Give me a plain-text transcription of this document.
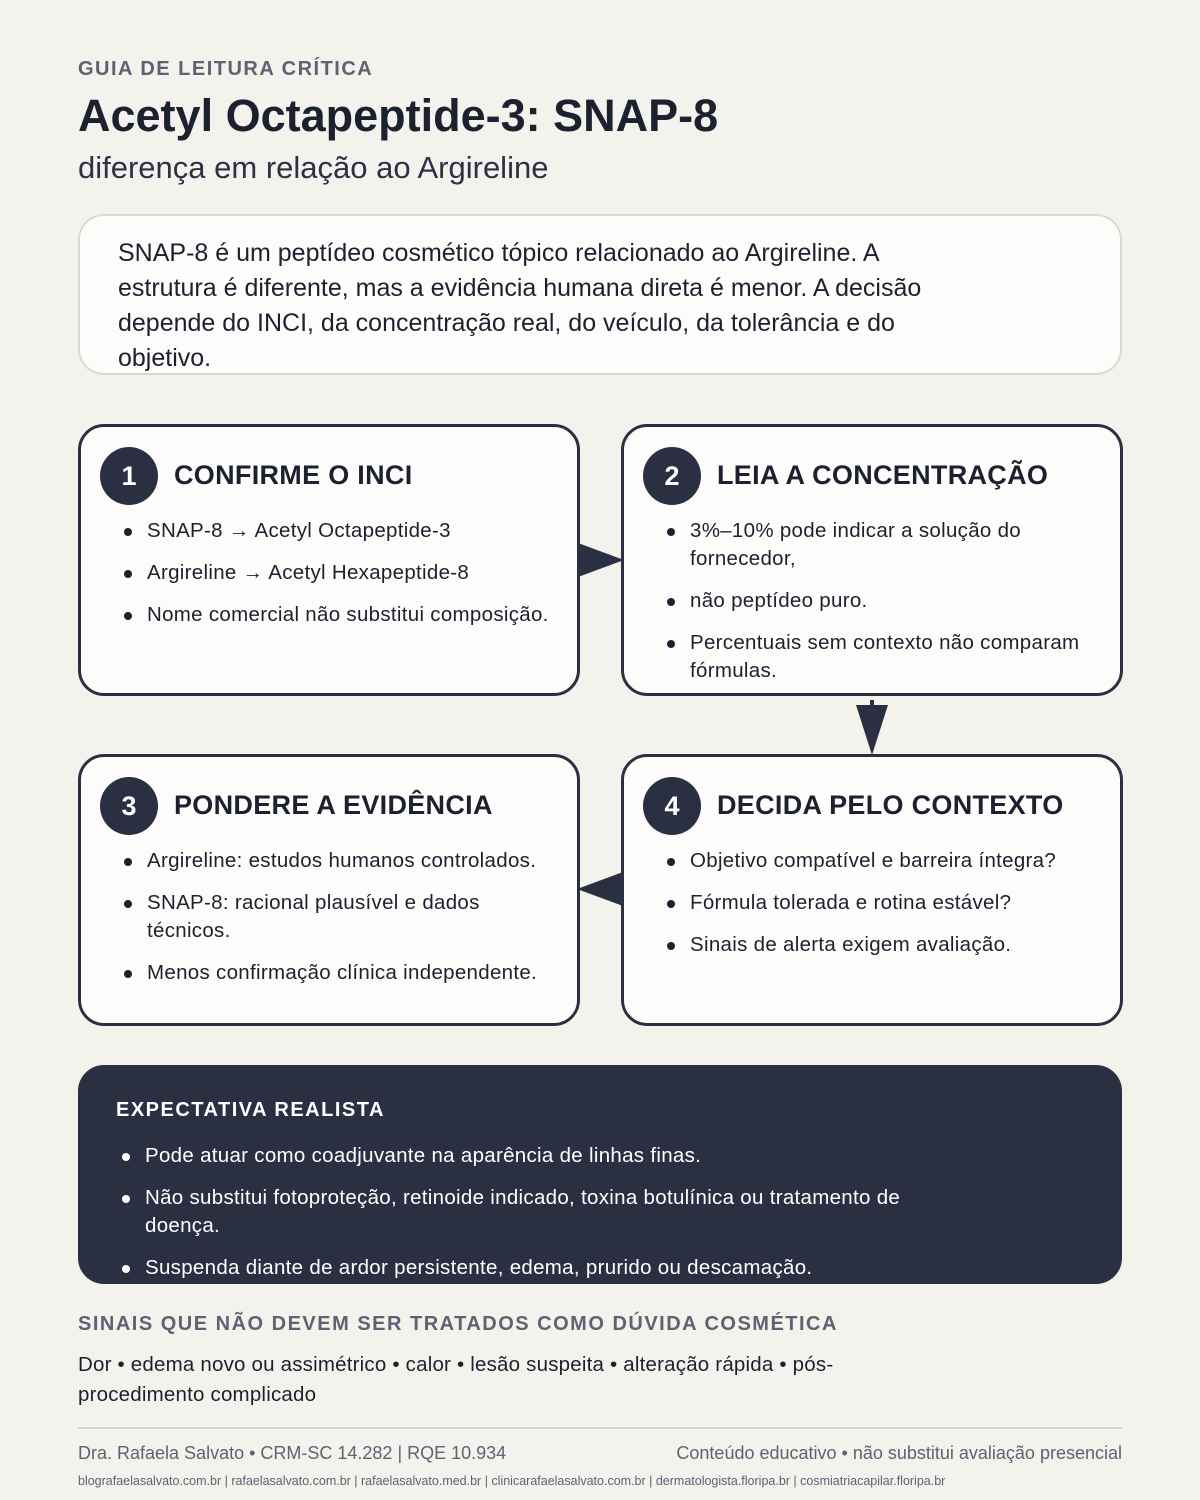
GUIA DE LEITURA CRÍTICA
Acetyl Octapeptide-3: SNAP-8
diferença em relação ao Argireline

SNAP-8 é um peptídeo cosmético tópico relacionado ao Argireline. A estrutura é diferente, mas a evidência humana direta é menor. A decisão depende do INCI, da concentração real, do veículo, da tolerância e do objetivo.

1	CONFIRME O INCI
SNAP-8 → Acetyl Octapeptide-3
Argireline → Acetyl Hexapeptide-8
Nome comercial não substitui composição.
2	LEIA A CONCENTRAÇÃO
3%–10% pode indicar a solução do fornecedor,
não peptídeo puro.
Percentuais sem contexto não comparam fórmulas.
3	PONDERE A EVIDÊNCIA
Argireline: estudos humanos controlados.
SNAP-8: racional plausível e dados técnicos.
Menos confirmação clínica independente.
4	DECIDA PELO CONTEXTO
Objetivo compatível e barreira íntegra?
Fórmula tolerada e rotina estável?
Sinais de alerta exigem avaliação.
EXPECTATIVA REALISTA
Pode atuar como coadjuvante na aparência de linhas finas.
Não substitui fotoproteção, retinoide indicado, toxina botulínica ou tratamento de doença.
Suspenda diante de ardor persistente, edema, prurido ou descamação.
SINAIS QUE NÃO DEVEM SER TRATADOS COMO DÚVIDA COSMÉTICA

Dor • edema novo ou assimétrico • calor • lesão suspeita • alteração rápida • pós-procedimento complicado

Dra. Rafaela Salvato • CRM-SC 14.282 | RQE 10.934	Conteúdo educativo • não substitui avaliação presencial
blografaelasalvato.com.br | rafaelasalvato.com.br | rafaelasalvato.med.br | clinicarafaelasalvato.com.br | dermatologista.floripa.br | cosmiatriacapilar.floripa.br
